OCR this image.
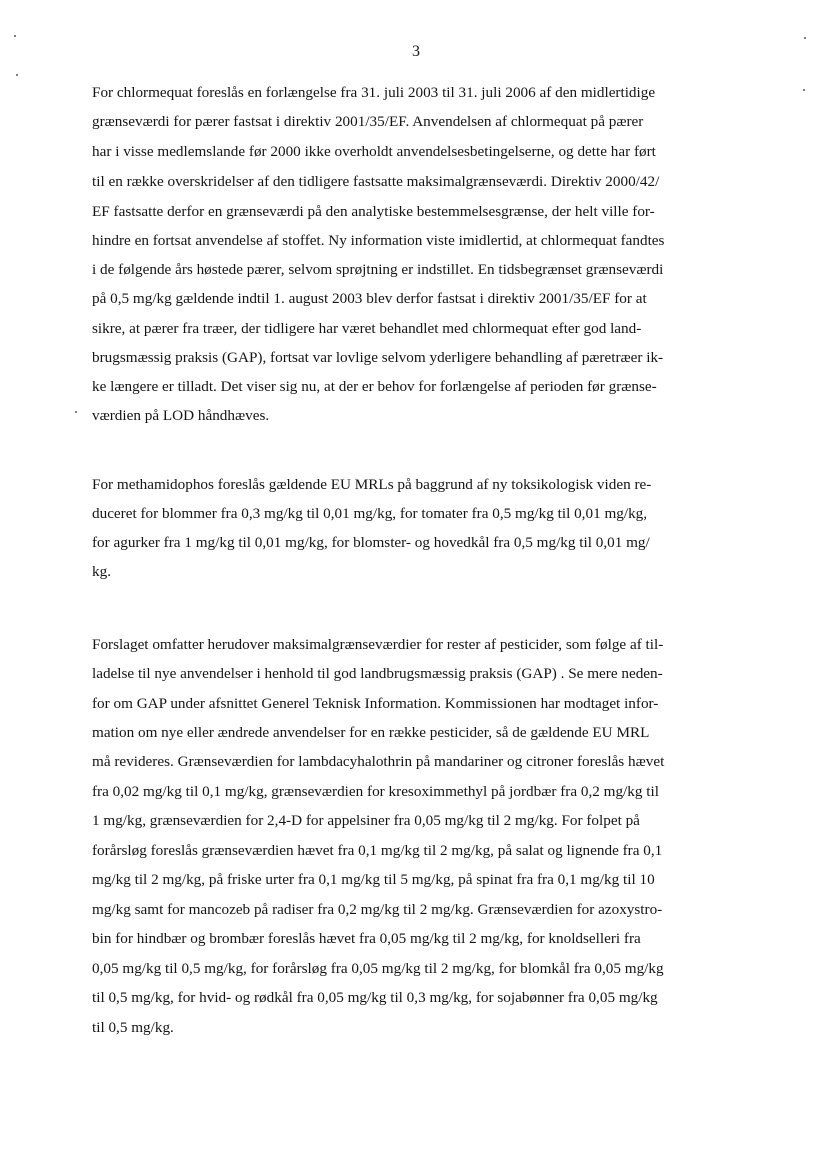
3
For chlormequat foreslås en forlængelse fra 31. juli 2003 til 31. juli 2006 af den midlertidige
grænseværdi for pærer fastsat i direktiv 2001/35/EF. Anvendelsen af chlormequat på pærer
har i visse medlemslande før 2000 ikke overholdt anvendelsesbetingelserne, og dette har ført
til en række overskridelser af den tidligere fastsatte maksimalgrænseværdi. Direktiv 2000/42/
EF fastsatte derfor en grænseværdi på den analytiske bestemmelsesgrænse, der helt ville for-
hindre en fortsat anvendelse af stoffet. Ny information viste imidlertid, at chlormequat fandtes
i de følgende års høstede pærer, selvom sprøjtning er indstillet. En tidsbegrænset grænseværdi
på 0,5 mg/kg gældende indtil 1. august 2003 blev derfor fastsat i direktiv 2001/35/EF for at
sikre, at pærer fra træer, der tidligere har været behandlet med chlormequat efter god land-
brugsmæssig praksis (GAP), fortsat var lovlige selvom yderligere behandling af pæretræer ik-
ke længere er tilladt. Det viser sig nu, at der er behov for forlængelse af perioden før grænse-
værdien på LOD håndhæves.
For methamidophos foreslås gældende EU MRLs på baggrund af ny toksikologisk viden re-
duceret for blommer fra 0,3 mg/kg til 0,01 mg/kg, for tomater fra 0,5 mg/kg til 0,01 mg/kg,
for agurker fra 1 mg/kg til 0,01 mg/kg, for blomster- og hovedkål fra 0,5 mg/kg til 0,01 mg/
kg.
Forslaget omfatter herudover maksimalgrænseværdier for rester af pesticider, som følge af til-
ladelse til nye anvendelser i henhold til god landbrugsmæssig praksis (GAP) . Se mere neden-
for om GAP under afsnittet Generel Teknisk Information. Kommissionen har modtaget infor-
mation om nye eller ændrede anvendelser for en række pesticider, så de gældende EU MRL
må revideres. Grænseværdien for lambdacyhalothrin på mandariner og citroner foreslås hævet
fra 0,02 mg/kg til 0,1 mg/kg, grænseværdien for kresoximmethyl på jordbær fra 0,2 mg/kg til
1 mg/kg, grænseværdien for 2,4-D for appelsiner fra 0,05 mg/kg til 2 mg/kg. For folpet på
forårsløg foreslås grænseværdien hævet fra 0,1 mg/kg til 2 mg/kg, på salat og lignende fra 0,1
mg/kg til 2 mg/kg, på friske urter fra 0,1 mg/kg til 5 mg/kg, på spinat fra fra 0,1 mg/kg til 10
mg/kg samt for mancozeb på radiser fra 0,2 mg/kg til 2 mg/kg. Grænseværdien for azoxystro-
bin for hindbær og brombær foreslås hævet fra 0,05 mg/kg til 2 mg/kg, for knoldselleri fra
0,05 mg/kg til 0,5 mg/kg, for forårsløg fra 0,05 mg/kg til 2 mg/kg, for blomkål fra 0,05 mg/kg
til 0,5 mg/kg, for hvid- og rødkål fra 0,05 mg/kg til 0,3 mg/kg, for sojabønner fra 0,05 mg/kg
til 0,5 mg/kg.
